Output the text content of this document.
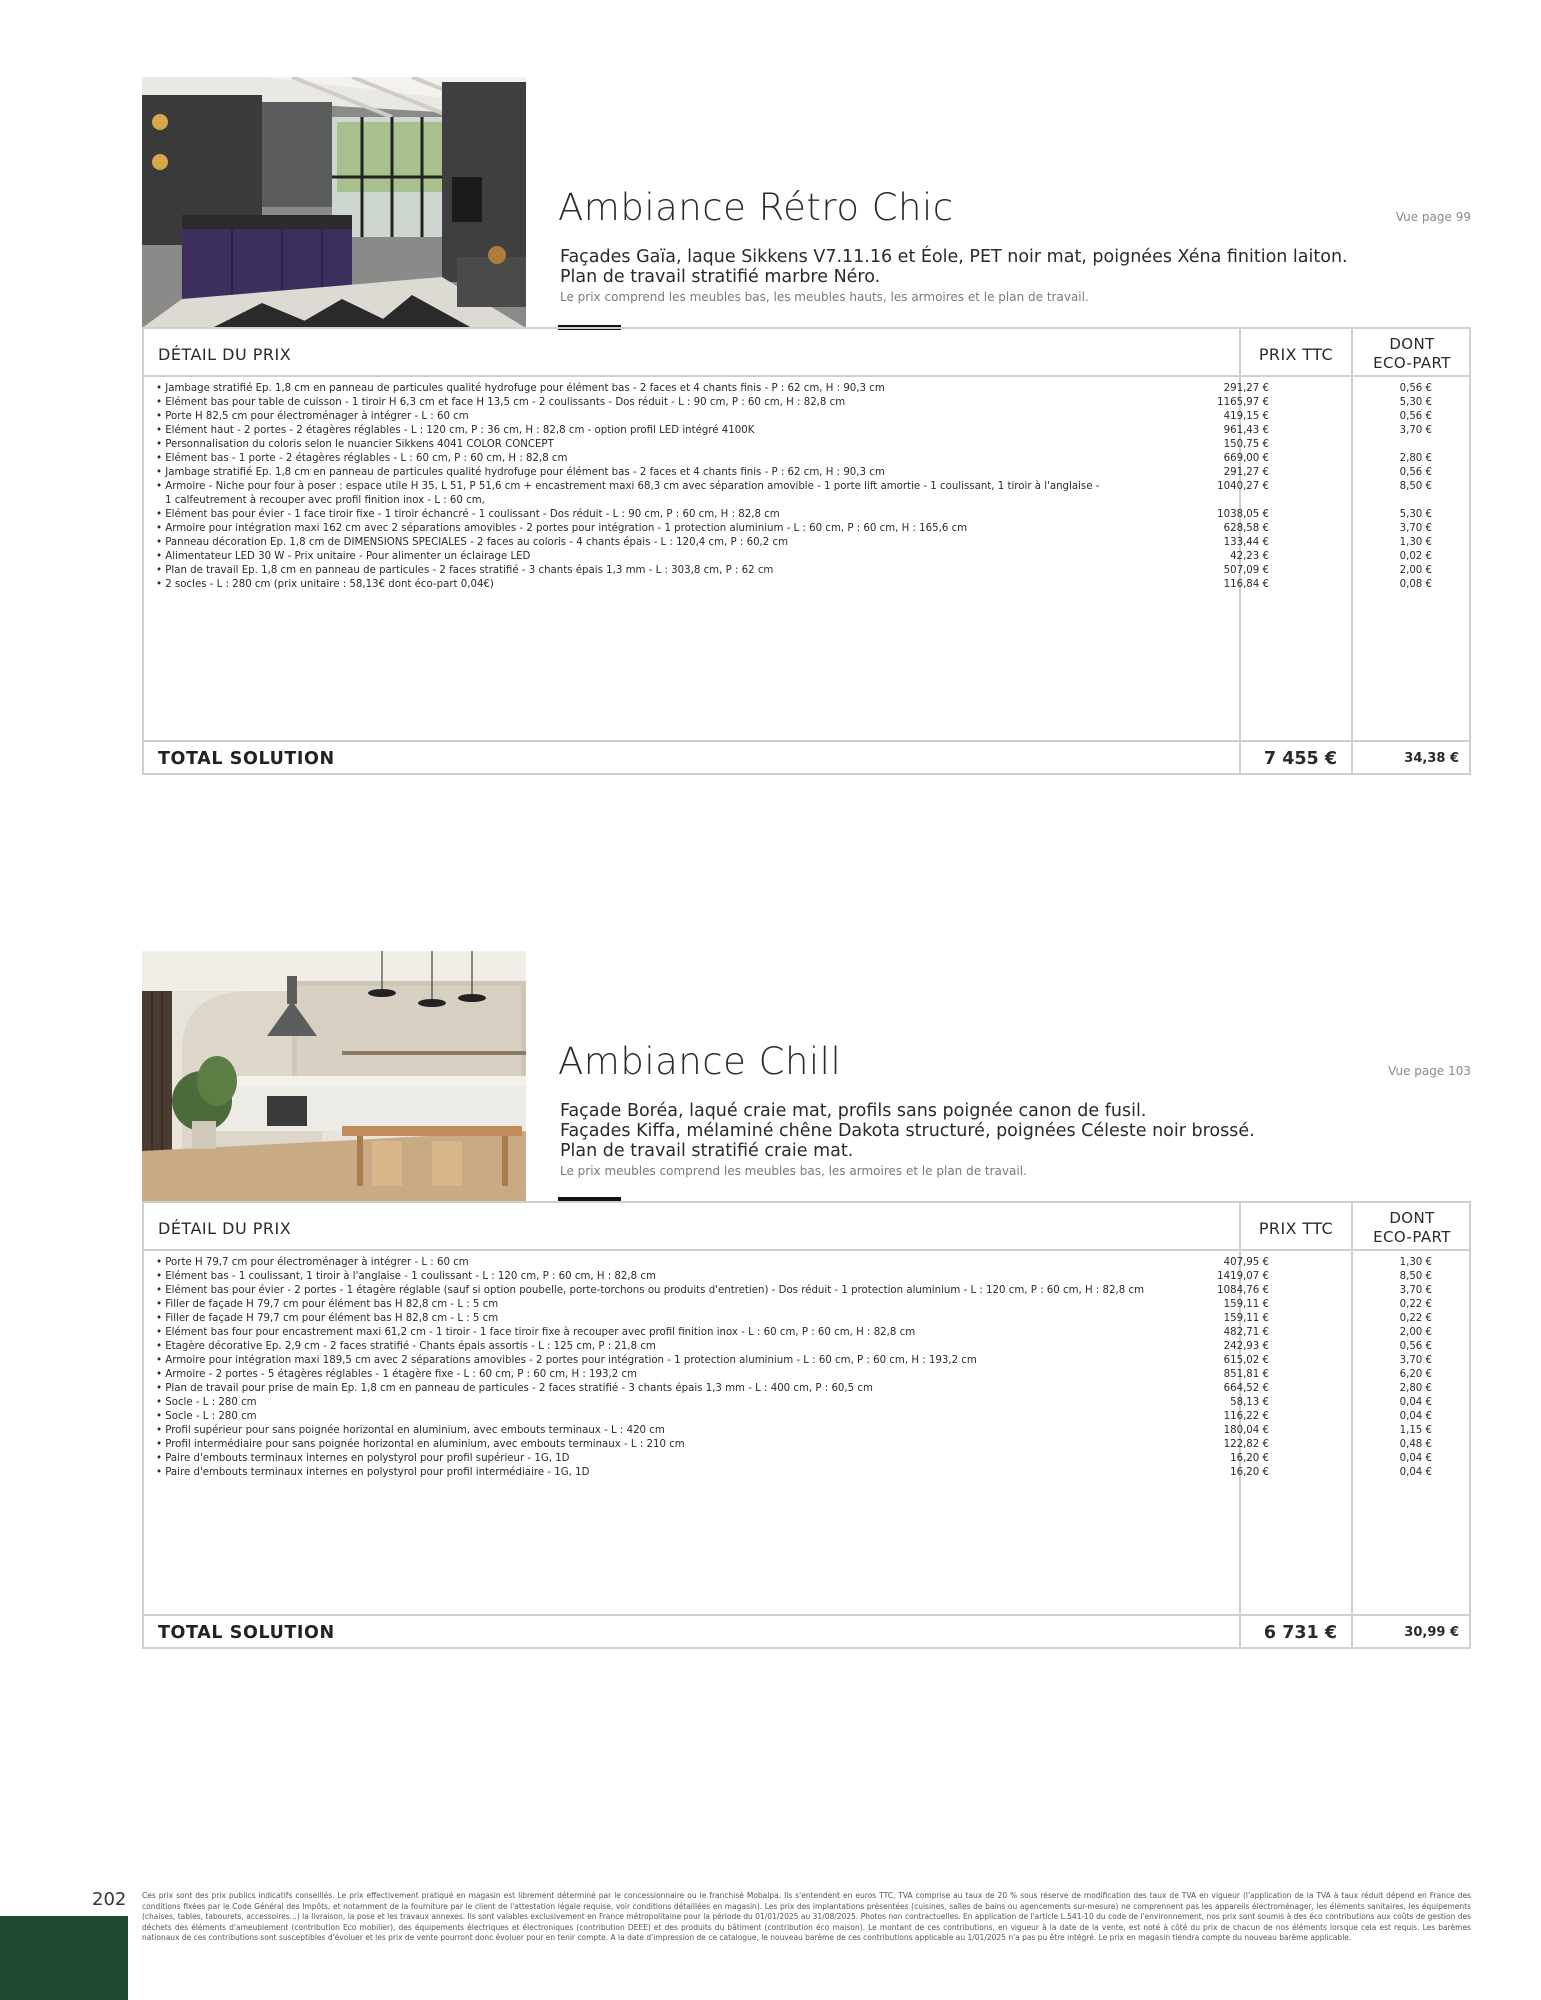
Ambiance Rétro Chic	Vue page 99
Façades Gaïa, laque Sikkens V7.11.16 et Éole, PET noir mat, poignées Xéna finition laiton.
Plan de travail stratifié marbre Néro.
Le prix comprend les meubles bas, les meubles hauts, les armoires et le plan de travail.
DÉTAIL DU PRIX	PRIX TTC
DONT
ECO-PART
• Jambage stratifié Ep. 1,8 cm en panneau de particules qualité hydrofuge pour élément bas - 2 faces et 4 chants finis - P : 62 cm, H : 90,3 cm	291,27 €	0,56 €
• Elément bas pour table de cuisson - 1 tiroir H 6,3 cm et face H 13,5 cm - 2 coulissants - Dos réduit - L : 90 cm, P : 60 cm, H : 82,8 cm	1165,97 €	5,30 €
• Porte H 82,5 cm pour électroménager à intégrer - L : 60 cm	419,15 €	0,56 €
• Elément haut - 2 portes - 2 étagères réglables - L : 120 cm, P : 36 cm, H : 82,8 cm - option profil LED intégré 4100K	961,43 €	3,70 €
• Personnalisation du coloris selon le nuancier Sikkens 4041 COLOR CONCEPT	150,75 €
• Elément bas - 1 porte - 2 étagères réglables - L : 60 cm, P : 60 cm, H : 82,8 cm	669,00 €	2,80 €
• Jambage stratifié Ep. 1,8 cm en panneau de particules qualité hydrofuge pour élément bas - 2 faces et 4 chants finis - P : 62 cm, H : 90,3 cm	291,27 €	0,56 €
• Armoire - Niche pour four à poser : espace utile H 35, L 51, P 51,6 cm + encastrement maxi 68,3 cm avec séparation amovible - 1 porte lift amortie - 1 coulissant, 1 tiroir à l'anglaise -
1 calfeutrement à recouper avec profil finition inox - L : 60 cm,
1040,27 €	8,50 €
• Elément bas pour évier - 1 face tiroir fixe - 1 tiroir échancré - 1 coulissant - Dos réduit - L : 90 cm, P : 60 cm, H : 82,8 cm	1038,05 €	5,30 €
• Armoire pour intégration maxi 162 cm avec 2 séparations amovibles - 2 portes pour intégration - 1 protection aluminium - L : 60 cm, P : 60 cm, H : 165,6 cm	628,58 €	3,70 €
• Panneau décoration Ep. 1,8 cm de DIMENSIONS SPECIALES - 2 faces au coloris - 4 chants épais - L : 120,4 cm, P : 60,2 cm	133,44 €	1,30 €
• Alimentateur LED 30 W - Prix unitaire - Pour alimenter un éclairage LED	42,23 €	0,02 €
• Plan de travail Ep. 1,8 cm en panneau de particules - 2 faces stratifié - 3 chants épais 1,3 mm - L : 303,8 cm, P : 62 cm	507,09 €	2,00 €
• 2 socles - L : 280 cm (prix unitaire : 58,13€ dont éco-part 0,04€)	116,84 €	0,08 €
TOTAL SOLUTION	7 455 €	34,38 €
Ambiance Chill	Vue page 103
Façade Boréa, laqué craie mat, profils sans poignée canon de fusil.
Façades Kiffa, mélaminé chêne Dakota structuré, poignées Céleste noir brossé.
Plan de travail stratifié craie mat.
Le prix meubles comprend les meubles bas, les armoires et le plan de travail.
DÉTAIL DU PRIX	PRIX TTC
DONT
ECO-PART
• Porte H 79,7 cm pour électroménager à intégrer - L : 60 cm	407,95 €	1,30 €
• Elément bas - 1 coulissant, 1 tiroir à l'anglaise - 1 coulissant - L : 120 cm, P : 60 cm, H : 82,8 cm	1419,07 €	8,50 €
• Elément bas pour évier - 2 portes - 1 étagère réglable (sauf si option poubelle, porte-torchons ou produits d'entretien) - Dos réduit - 1 protection aluminium - L : 120 cm, P : 60 cm, H : 82,8 cm	1084,76 €	3,70 €
• Filler de façade H 79,7 cm pour élément bas H 82,8 cm - L : 5 cm	159,11 €	0,22 €
• Filler de façade H 79,7 cm pour élément bas H 82,8 cm - L : 5 cm	159,11 €	0,22 €
• Elément bas four pour encastrement maxi 61,2 cm - 1 tiroir - 1 face tiroir fixe à recouper avec profil finition inox - L : 60 cm, P : 60 cm, H : 82,8 cm	482,71 €	2,00 €
• Etagère décorative Ep. 2,9 cm - 2 faces stratifié - Chants épais assortis - L : 125 cm, P : 21,8 cm	242,93 €	0,56 €
• Armoire pour intégration maxi 189,5 cm avec 2 séparations amovibles - 2 portes pour intégration - 1 protection aluminium - L : 60 cm, P : 60 cm, H : 193,2 cm	615,02 €	3,70 €
• Armoire - 2 portes - 5 étagères réglables - 1 étagère fixe - L : 60 cm, P : 60 cm, H : 193,2 cm	851,81 €	6,20 €
• Plan de travail pour prise de main Ep. 1,8 cm en panneau de particules - 2 faces stratifié - 3 chants épais 1,3 mm - L : 400 cm, P : 60,5 cm	664,52 €	2,80 €
• Socle - L : 280 cm	58,13 €	0,04 €
• Socle - L : 280 cm	116,22 €	0,04 €
• Profil supérieur pour sans poignée horizontal en aluminium, avec embouts terminaux - L : 420 cm	180,04 €	1,15 €
• Profil intermédiaire pour sans poignée horizontal en aluminium, avec embouts terminaux - L : 210 cm	122,82 €	0,48 €
• Paire d'embouts terminaux internes en polystyrol pour profil supérieur - 1G, 1D	16,20 €	0,04 €
• Paire d'embouts terminaux internes en polystyrol pour profil intermédiaire - 1G, 1D	16,20 €	0,04 €
TOTAL SOLUTION	6 731 €	30,99 €
202 Ces prix sont des prix publics indicatifs conseillés. Le prix effectivement pratiqué en magasin est librement déterminé par le concessionnaire ou le franchisé Mobalpa. Ils s'entendent en euros TTC, TVA comprise au taux de 20 % sous réserve de modification des taux de TVA en vigueur (l'application de la TVA à taux réduit dépend en France des conditions fixées par le Code Général des Impôts, et notamment de la fourniture par le client de l'attestation légale requise, voir conditions détaillées en magasin). Les prix des implantations présentées (cuisines, salles de bains ou agencements sur-mesure) ne comprennent pas les appareils électroménager, les éléments sanitaires, les équipements (chaises, tables, tabourets, accessoires...) la livraison, la pose et les travaux annexes. Ils sont valables exclusivement en France métropolitaine pour la période du 01/01/2025 au 31/08/2025. Photos non contractuelles. En application de l'article L.541-10 du code de l'environnement, nos prix sont soumis à des éco contributions aux coûts de gestion des déchets des éléments d'ameublement (contribution Eco mobilier), des équipements électriques et électroniques (contribution DEEE) et des produits du bâtiment (contribution éco maison). Le montant de ces contributions, en vigueur à la date de la vente, est noté à côté du prix de chacun de nos éléments lorsque cela est requis. Les barèmes nationaux de ces contributions sont susceptibles d'évoluer et les prix de vente pourront donc évoluer pour en tenir compte. A la date d'impression de ce catalogue, le nouveau barème de ces contributions applicable au 1/01/2025 n'a pas pu être intégré. Le prix en magasin tiendra compte du nouveau barème applicable.
